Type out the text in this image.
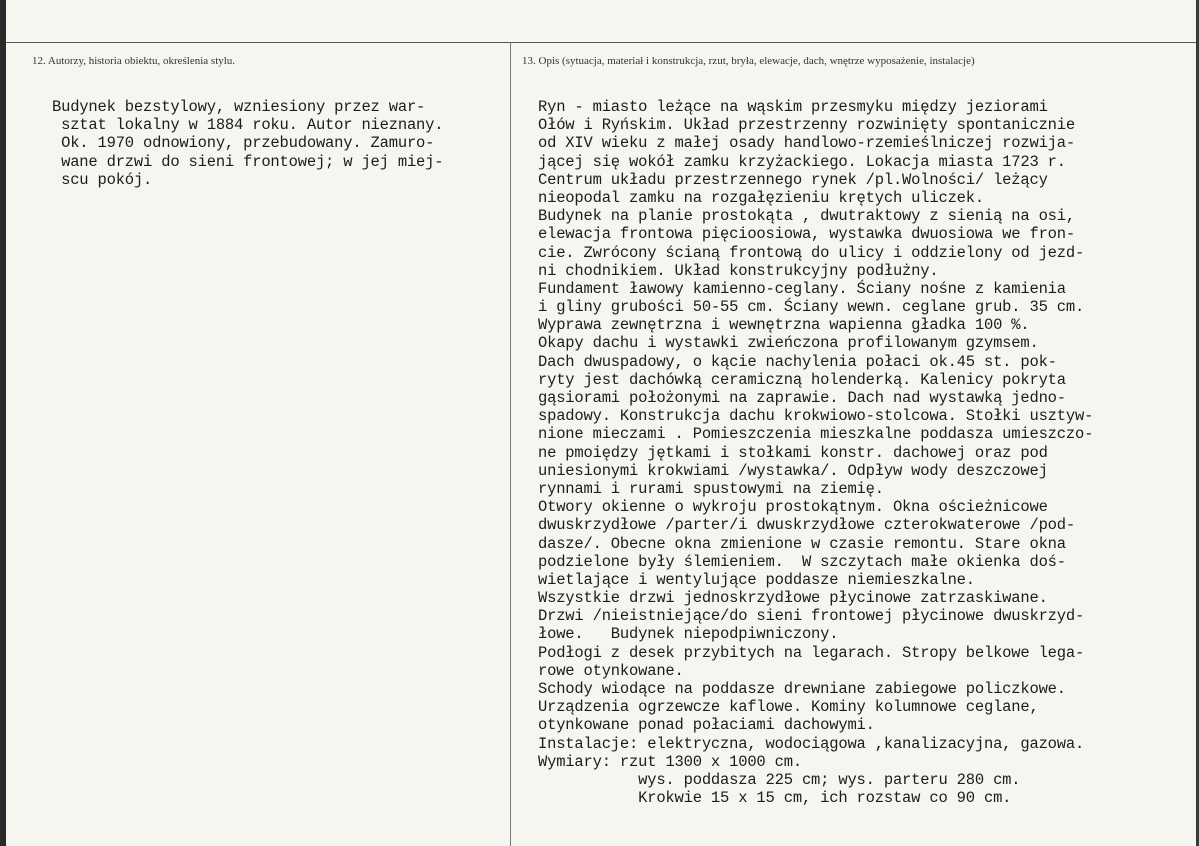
12. Autorzy, historia obiektu, określenia stylu.	13. Opis (sytuacja, materiał i konstrukcja, rzut, bryła, elewacje, dach, wnętrze wyposażenie, instalacje)
Budynek bezstylowy, wzniesiony przez war-
sztat lokalny w 1884 roku. Autor nieznany.
Ok. 1970 odnowiony, przebudowany. Zamuro-
wane drzwi do sieni frontowej; w jej miej-
scu pokój.
Ryn - miasto leżące na wąskim przesmyku między jeziorami
Ołów i Ryńskim. Układ przestrzenny rozwinięty spontanicznie
od XIV wieku z małej osady handlowo-rzemieślniczej rozwija-
jącej się wokół zamku krzyżackiego. Lokacja miasta 1723 r.
Centrum układu przestrzennego rynek /pl.Wolności/ leżący
nieopodal zamku na rozgałęzieniu krętych uliczek.
Budynek na planie prostokąta , dwutraktowy z sienią na osi,
elewacja frontowa pięcioosiowa, wystawka dwuosiowa we fron-
cie. Zwrócony ścianą frontową do ulicy i oddzielony od jezd-
ni chodnikiem. Układ konstrukcyjny podłużny.
Fundament ławowy kamienno-ceglany. Ściany nośne z kamienia
i gliny grubości 50-55 cm. Ściany wewn. ceglane grub. 35 cm.
Wyprawa zewnętrzna i wewnętrzna wapienna gładka 100 %.
Okapy dachu i wystawki zwieńczona profilowanym gzymsem.
Dach dwuspadowy, o kącie nachylenia połaci ok.45 st. pok-
ryty jest dachówką ceramiczną holenderką. Kalenicy pokryta
gąsiorami położonymi na zaprawie. Dach nad wystawką jedno-
spadowy. Konstrukcja dachu krokwiowo-stolcowa. Stołki usztyw-
nione mieczami . Pomieszczenia mieszkalne poddasza umieszczo-
ne pmoiędzy jętkami i stołkami konstr. dachowej oraz pod
uniesionymi krokwiami /wystawka/. Odpływ wody deszczowej
rynnami i rurami spustowymi na ziemię.
Otwory okienne o wykroju prostokątnym. Okna ościeżnicowe
dwuskrzydłowe /parter/i dwuskrzydłowe czterokwaterowe /pod-
dasze/. Obecne okna zmienione w czasie remontu. Stare okna
podzielone były ślemieniem.  W szczytach małe okienka doś-
wietlające i wentylujące poddasze niemieszkalne.
Wszystkie drzwi jednoskrzydłowe płycinowe zatrzaskiwane.
Drzwi /nieistniejące/do sieni frontowej płycinowe dwuskrzyd-
łowe.   Budynek niepodpiwniczony.
Podłogi z desek przybitych na legarach. Stropy belkowe lega-
rowe otynkowane.
Schody wiodące na poddasze drewniane zabiegowe policzkowe.
Urządzenia ogrzewcze kaflowe. Kominy kolumnowe ceglane,
otynkowane ponad połaciami dachowymi.
Instalacje: elektryczna, wodociągowa ,kanalizacyjna, gazowa.
Wymiary: rzut 1300 x 1000 cm.
wys. poddasza 225 cm; wys. parteru 280 cm.
Krokwie 15 x 15 cm, ich rozstaw co 90 cm.
